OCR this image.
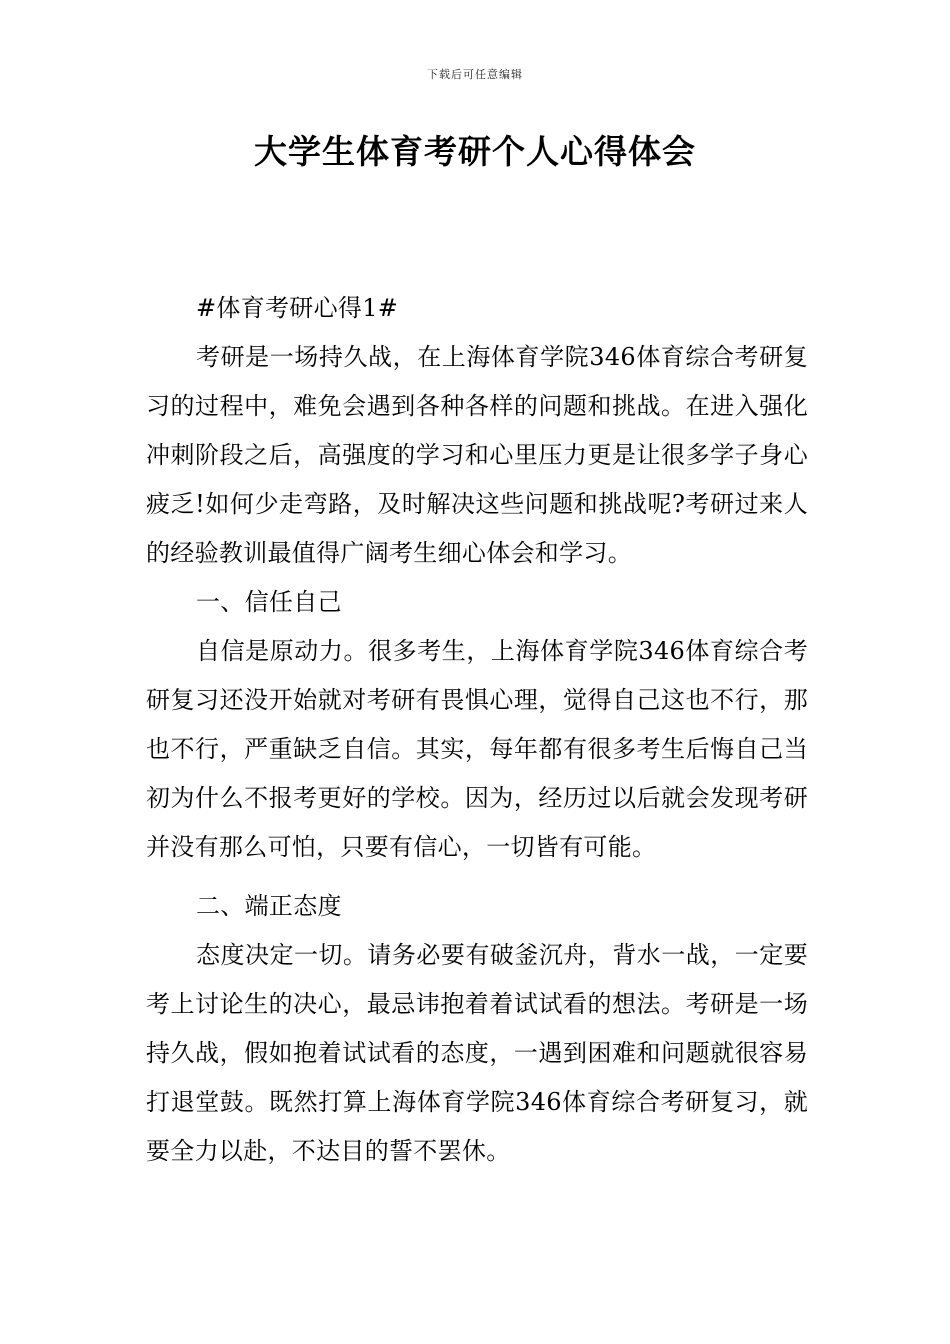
下载后可任意编辑
大学生体育考研个人心得体会

#体育考研心得1#

考研是一场持久战，在上海体育学院346体育综合考研复习的过程中，难免会遇到各种各样的问题和挑战。在进入强化冲刺阶段之后，高强度的学习和心里压力更是让很多学子身心疲乏!如何少走弯路，及时解决这些问题和挑战呢?考研过来人的经验教训最值得广阔考生细心体会和学习。

一、信任自己

自信是原动力。很多考生，上海体育学院346体育综合考研复习还没开始就对考研有畏惧心理，觉得自己这也不行，那也不行，严重缺乏自信。其实，每年都有很多考生后悔自己当初为什么不报考更好的学校。因为，经历过以后就会发现考研并没有那么可怕，只要有信心，一切皆有可能。

二、端正态度

态度决定一切。请务必要有破釜沉舟，背水一战，一定要考上讨论生的决心，最忌讳抱着着试试看的想法。考研是一场持久战，假如抱着试试看的态度，一遇到困难和问题就很容易打退堂鼓。既然打算上海体育学院346体育综合考研复习，就要全力以赴，不达目的誓不罢休。
